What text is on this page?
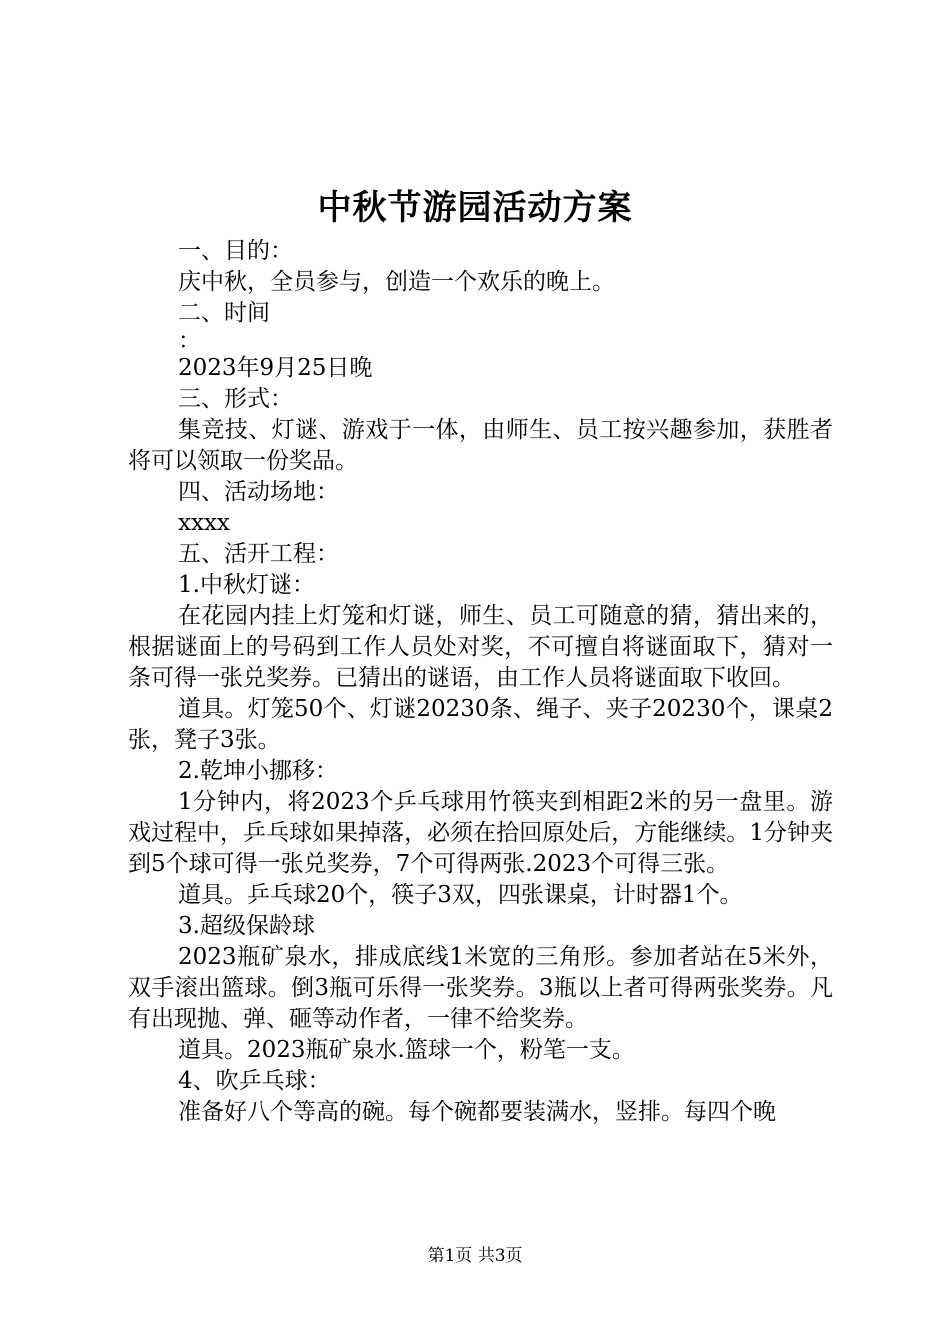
中秋节游园活动方案

一、目的：

庆中秋，全员参与，创造一个欢乐的晚上。

二、时间

：

2023年9月25日晚

三、形式：

集竞技、灯谜、游戏于一体，由师生、员工按兴趣参加，获胜者将可以领取一份奖品。

四、活动场地：

xxxx

五、活开工程：

1.中秋灯谜：

在花园内挂上灯笼和灯谜，师生、员工可随意的猜，猜出来的，根据谜面上的号码到工作人员处对奖，不可擅自将谜面取下，猜对一条可得一张兑奖券。已猜出的谜语，由工作人员将谜面取下收回。

道具。灯笼50个、灯谜20230条、绳子、夹子20230个，课桌2张，凳子3张。

2.乾坤小挪移：

1分钟内，将2023个乒乓球用竹筷夹到相距2米的另一盘里。游戏过程中，乒乓球如果掉落，必须在拾回原处后，方能继续。1分钟夹到5个球可得一张兑奖券，7个可得两张.2023个可得三张。

道具。乒乓球20个，筷子3双，四张课桌，计时器1个。

3.超级保龄球

2023瓶矿泉水，排成底线1米宽的三角形。参加者站在5米外，双手滚出篮球。倒3瓶可乐得一张奖券。3瓶以上者可得两张奖券。凡有出现抛、弹、砸等动作者，一律不给奖券。

道具。2023瓶矿泉水.篮球一个，粉笔一支。

4、吹乒乓球：

准备好八个等高的碗。每个碗都要装满水，竖排。每四个晚

第1页 共3页
